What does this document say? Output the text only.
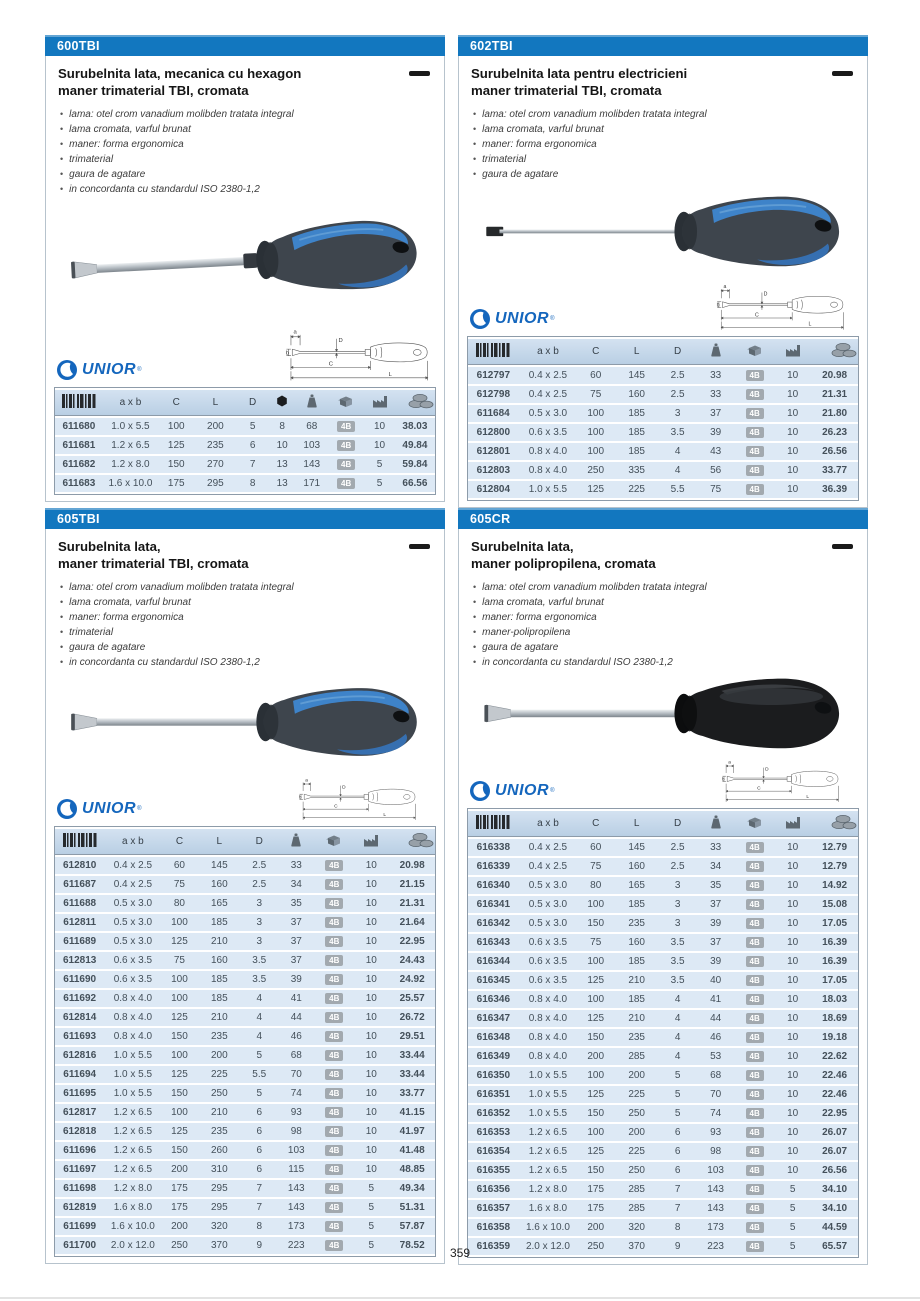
600TBI
Surubelnita lata, mecanica cu hexagon
maner trimaterial TBI, cromata
• lama: otel crom vanadium molibden tratata integral
• lama cromata, varful brunat
• maner: forma ergonomica
• trimaterial
• gaura de agatare
• in concordanta cu standardul ISO 2380-1,2
UNIOR ®
a
b
D
C
L
	a x b	C	L	D					
611680	1.0 x 5.5	100	200	5	8	68	4B	10	38.03
611681	1.2 x 6.5	125	235	6	10	103	4B	10	49.84
611682	1.2 x 8.0	150	270	7	13	143	4B	5	59.84
611683	1.6 x 10.0	175	295	8	13	171	4B	5	66.56
602TBI
Surubelnita lata pentru electricieni
maner trimaterial TBI, cromata
• lama: otel crom vanadium molibden tratata integral
• lama cromata, varful brunat
• maner: forma ergonomica
• trimaterial
• gaura de agatare
UNIOR ®
a
b
D
C
L
	a x b	C	L	D				
612797	0.4 x 2.5	60	145	2.5	33	4B	10	20.98
612798	0.4 x 2.5	75	160	2.5	33	4B	10	21.31
611684	0.5 x 3.0	100	185	3	37	4B	10	21.80
612800	0.6 x 3.5	100	185	3.5	39	4B	10	26.23
612801	0.8 x 4.0	100	185	4	43	4B	10	26.56
612803	0.8 x 4.0	250	335	4	56	4B	10	33.77
612804	1.0 x 5.5	125	225	5.5	75	4B	10	36.39
605TBI
Surubelnita lata,
maner trimaterial TBI, cromata
• lama: otel crom vanadium molibden tratata integral
• lama cromata, varful brunat
• maner: forma ergonomica
• trimaterial
• gaura de agatare
• in concordanta cu standardul ISO 2380-1,2
UNIOR ®
a
b
D
C
L
	a x b	C	L	D				
612810	0.4 x 2.5	60	145	2.5	33	4B	10	20.98
611687	0.4 x 2.5	75	160	2.5	34	4B	10	21.15
611688	0.5 x 3.0	80	165	3	35	4B	10	21.31
612811	0.5 x 3.0	100	185	3	37	4B	10	21.64
611689	0.5 x 3.0	125	210	3	37	4B	10	22.95
612813	0.6 x 3.5	75	160	3.5	37	4B	10	24.43
611690	0.6 x 3.5	100	185	3.5	39	4B	10	24.92
611692	0.8 x 4.0	100	185	4	41	4B	10	25.57
612814	0.8 x 4.0	125	210	4	44	4B	10	26.72
611693	0.8 x 4.0	150	235	4	46	4B	10	29.51
612816	1.0 x 5.5	100	200	5	68	4B	10	33.44
611694	1.0 x 5.5	125	225	5.5	70	4B	10	33.44
611695	1.0 x 5.5	150	250	5	74	4B	10	33.77
612817	1.2 x 6.5	100	210	6	93	4B	10	41.15
612818	1.2 x 6.5	125	235	6	98	4B	10	41.97
611696	1.2 x 6.5	150	260	6	103	4B	10	41.48
611697	1.2 x 6.5	200	310	6	115	4B	10	48.85
611698	1.2 x 8.0	175	295	7	143	4B	5	49.34
612819	1.6 x 8.0	175	295	7	143	4B	5	51.31
611699	1.6 x 10.0	200	320	8	173	4B	5	57.87
611700	2.0 x 12.0	250	370	9	223	4B	5	78.52
605CR
Surubelnita lata,
maner polipropilena, cromata
• lama: otel crom vanadium molibden tratata integral
• lama cromata, varful brunat
• maner: forma ergonomica
• maner-polipropilena
• gaura de agatare
• in concordanta cu standardul ISO 2380-1,2
UNIOR ®
a
b
D
C
L
	a x b	C	L	D				
616338	0.4 x 2.5	60	145	2.5	33	4B	10	12.79
616339	0.4 x 2.5	75	160	2.5	34	4B	10	12.79
616340	0.5 x 3.0	80	165	3	35	4B	10	14.92
616341	0.5 x 3.0	100	185	3	37	4B	10	15.08
616342	0.5 x 3.0	150	235	3	39	4B	10	17.05
616343	0.6 x 3.5	75	160	3.5	37	4B	10	16.39
616344	0.6 x 3.5	100	185	3.5	39	4B	10	16.39
616345	0.6 x 3.5	125	210	3.5	40	4B	10	17.05
616346	0.8 x 4.0	100	185	4	41	4B	10	18.03
616347	0.8 x 4.0	125	210	4	44	4B	10	18.69
616348	0.8 x 4.0	150	235	4	46	4B	10	19.18
616349	0.8 x 4.0	200	285	4	53	4B	10	22.62
616350	1.0 x 5.5	100	200	5	68	4B	10	22.46
616351	1.0 x 5.5	125	225	5	70	4B	10	22.46
616352	1.0 x 5.5	150	250	5	74	4B	10	22.95
616353	1.2 x 6.5	100	200	6	93	4B	10	26.07
616354	1.2 x 6.5	125	225	6	98	4B	10	26.07
616355	1.2 x 6.5	150	250	6	103	4B	10	26.56
616356	1.2 x 8.0	175	285	7	143	4B	5	34.10
616357	1.6 x 8.0	175	285	7	143	4B	5	34.10
616358	1.6 x 10.0	200	320	8	173	4B	5	44.59
616359	2.0 x 12.0	250	370	9	223	4B	5	65.57
359
